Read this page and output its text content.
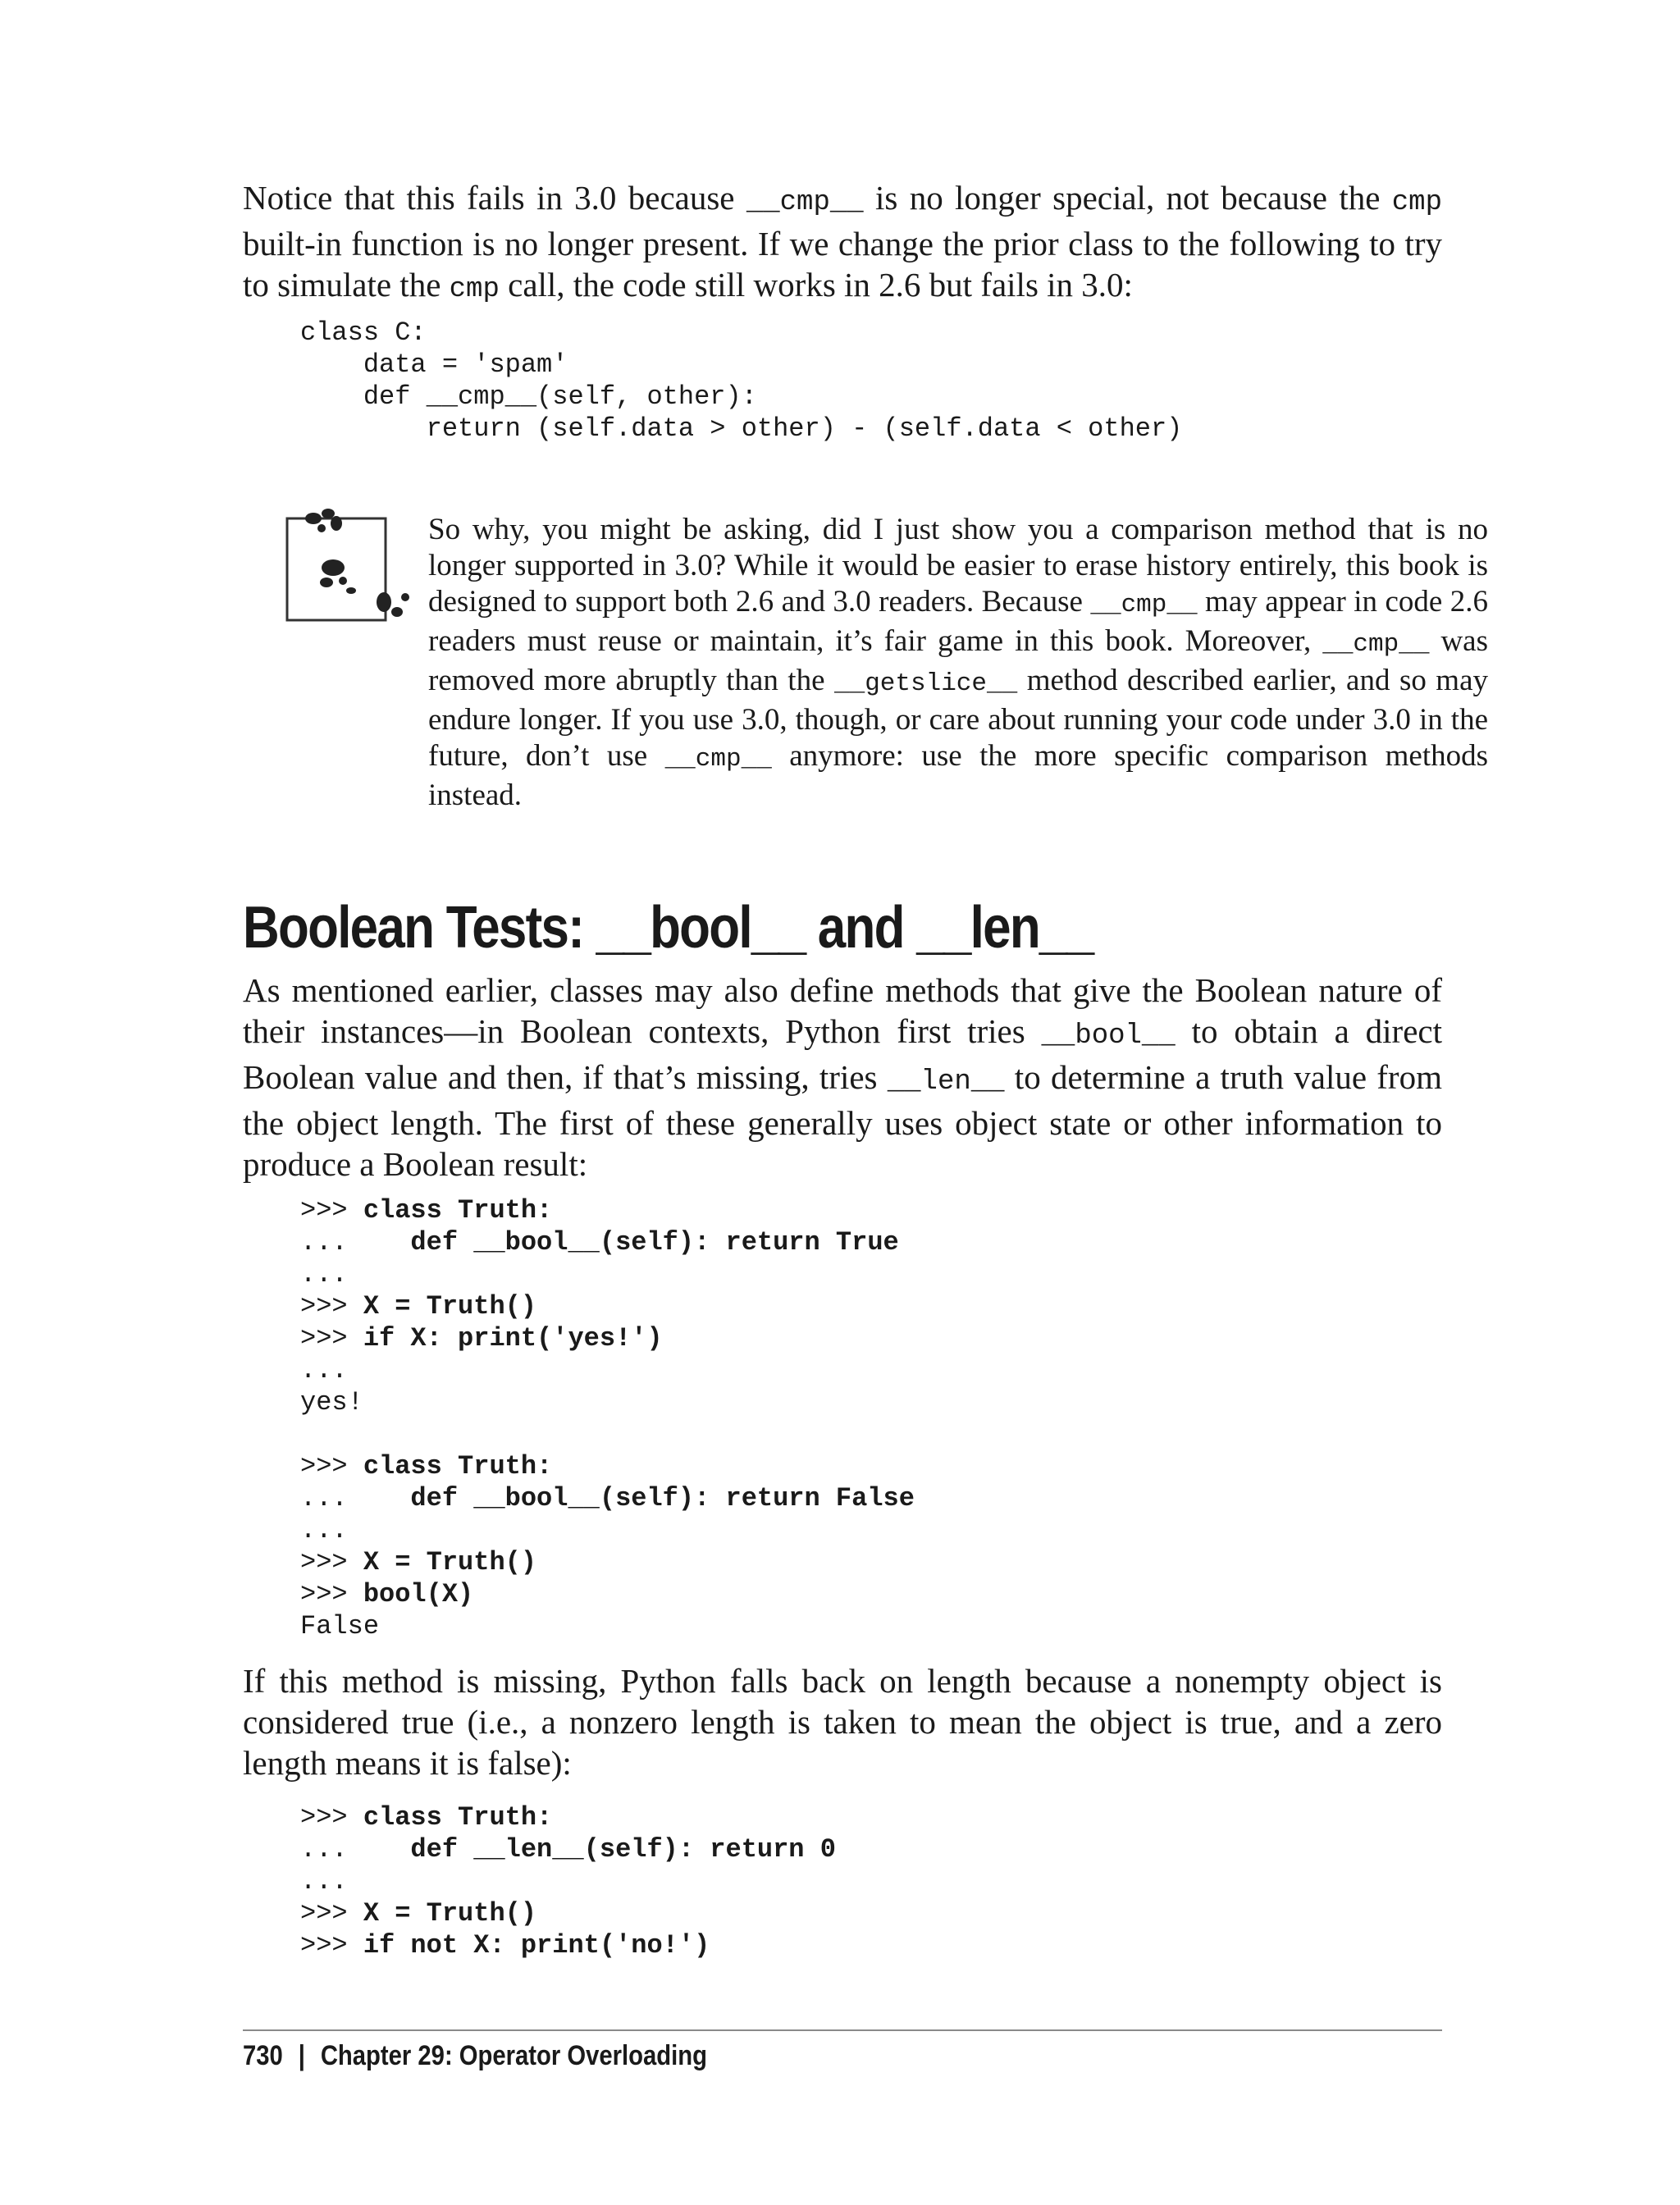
Notice that this fails in 3.0 because __cmp__ is no longer special, not because the cmp built-in function is no longer present. If we change the prior class to the following to try to simulate the cmp call, the code still works in 2.6 but fails in 3.0:

class C:
data = 'spam'
def __cmp__(self, other):
return (self.data > other) - (self.data < other)

So why, you might be asking, did I just show you a comparison method that is no longer supported in 3.0? While it would be easier to erase history entirely, this book is designed to support both 2.6 and 3.0 readers. Because __cmp__ may appear in code 2.6 readers must reuse or maintain, it’s fair game in this book. Moreover, __cmp__ was removed more abruptly than the __getslice__ method described earlier, and so may endure longer. If you use 3.0, though, or care about running your code under 3.0 in the future, don’t use __cmp__ anymore: use the more specific comparison methods instead.

As mentioned earlier, classes may also define methods that give the Boolean nature of their instances—in Boolean contexts, Python first tries __bool__ to obtain a direct Boolean value and then, if that’s missing, tries __len__ to determine a truth value from the object length. The first of these generally uses object state or other information to produce a Boolean result:

>>> class Truth:
...    def __bool__(self): return True
...
>>> X = Truth()
>>> if X: print('yes!')
...
yes!

>>> class Truth:
...    def __bool__(self): return False
...
>>> X = Truth()
>>> bool(X)
False

If this method is missing, Python falls back on length because a nonempty object is considered true (i.e., a nonzero length is taken to mean the object is true, and a zero length means it is false):

>>> class Truth:
...    def __len__(self): return 0
...
>>> X = Truth()
>>> if not X: print('no!')
Boolean Tests: __bool__ and __len__
730 | Chapter 29: Operator Overloading
